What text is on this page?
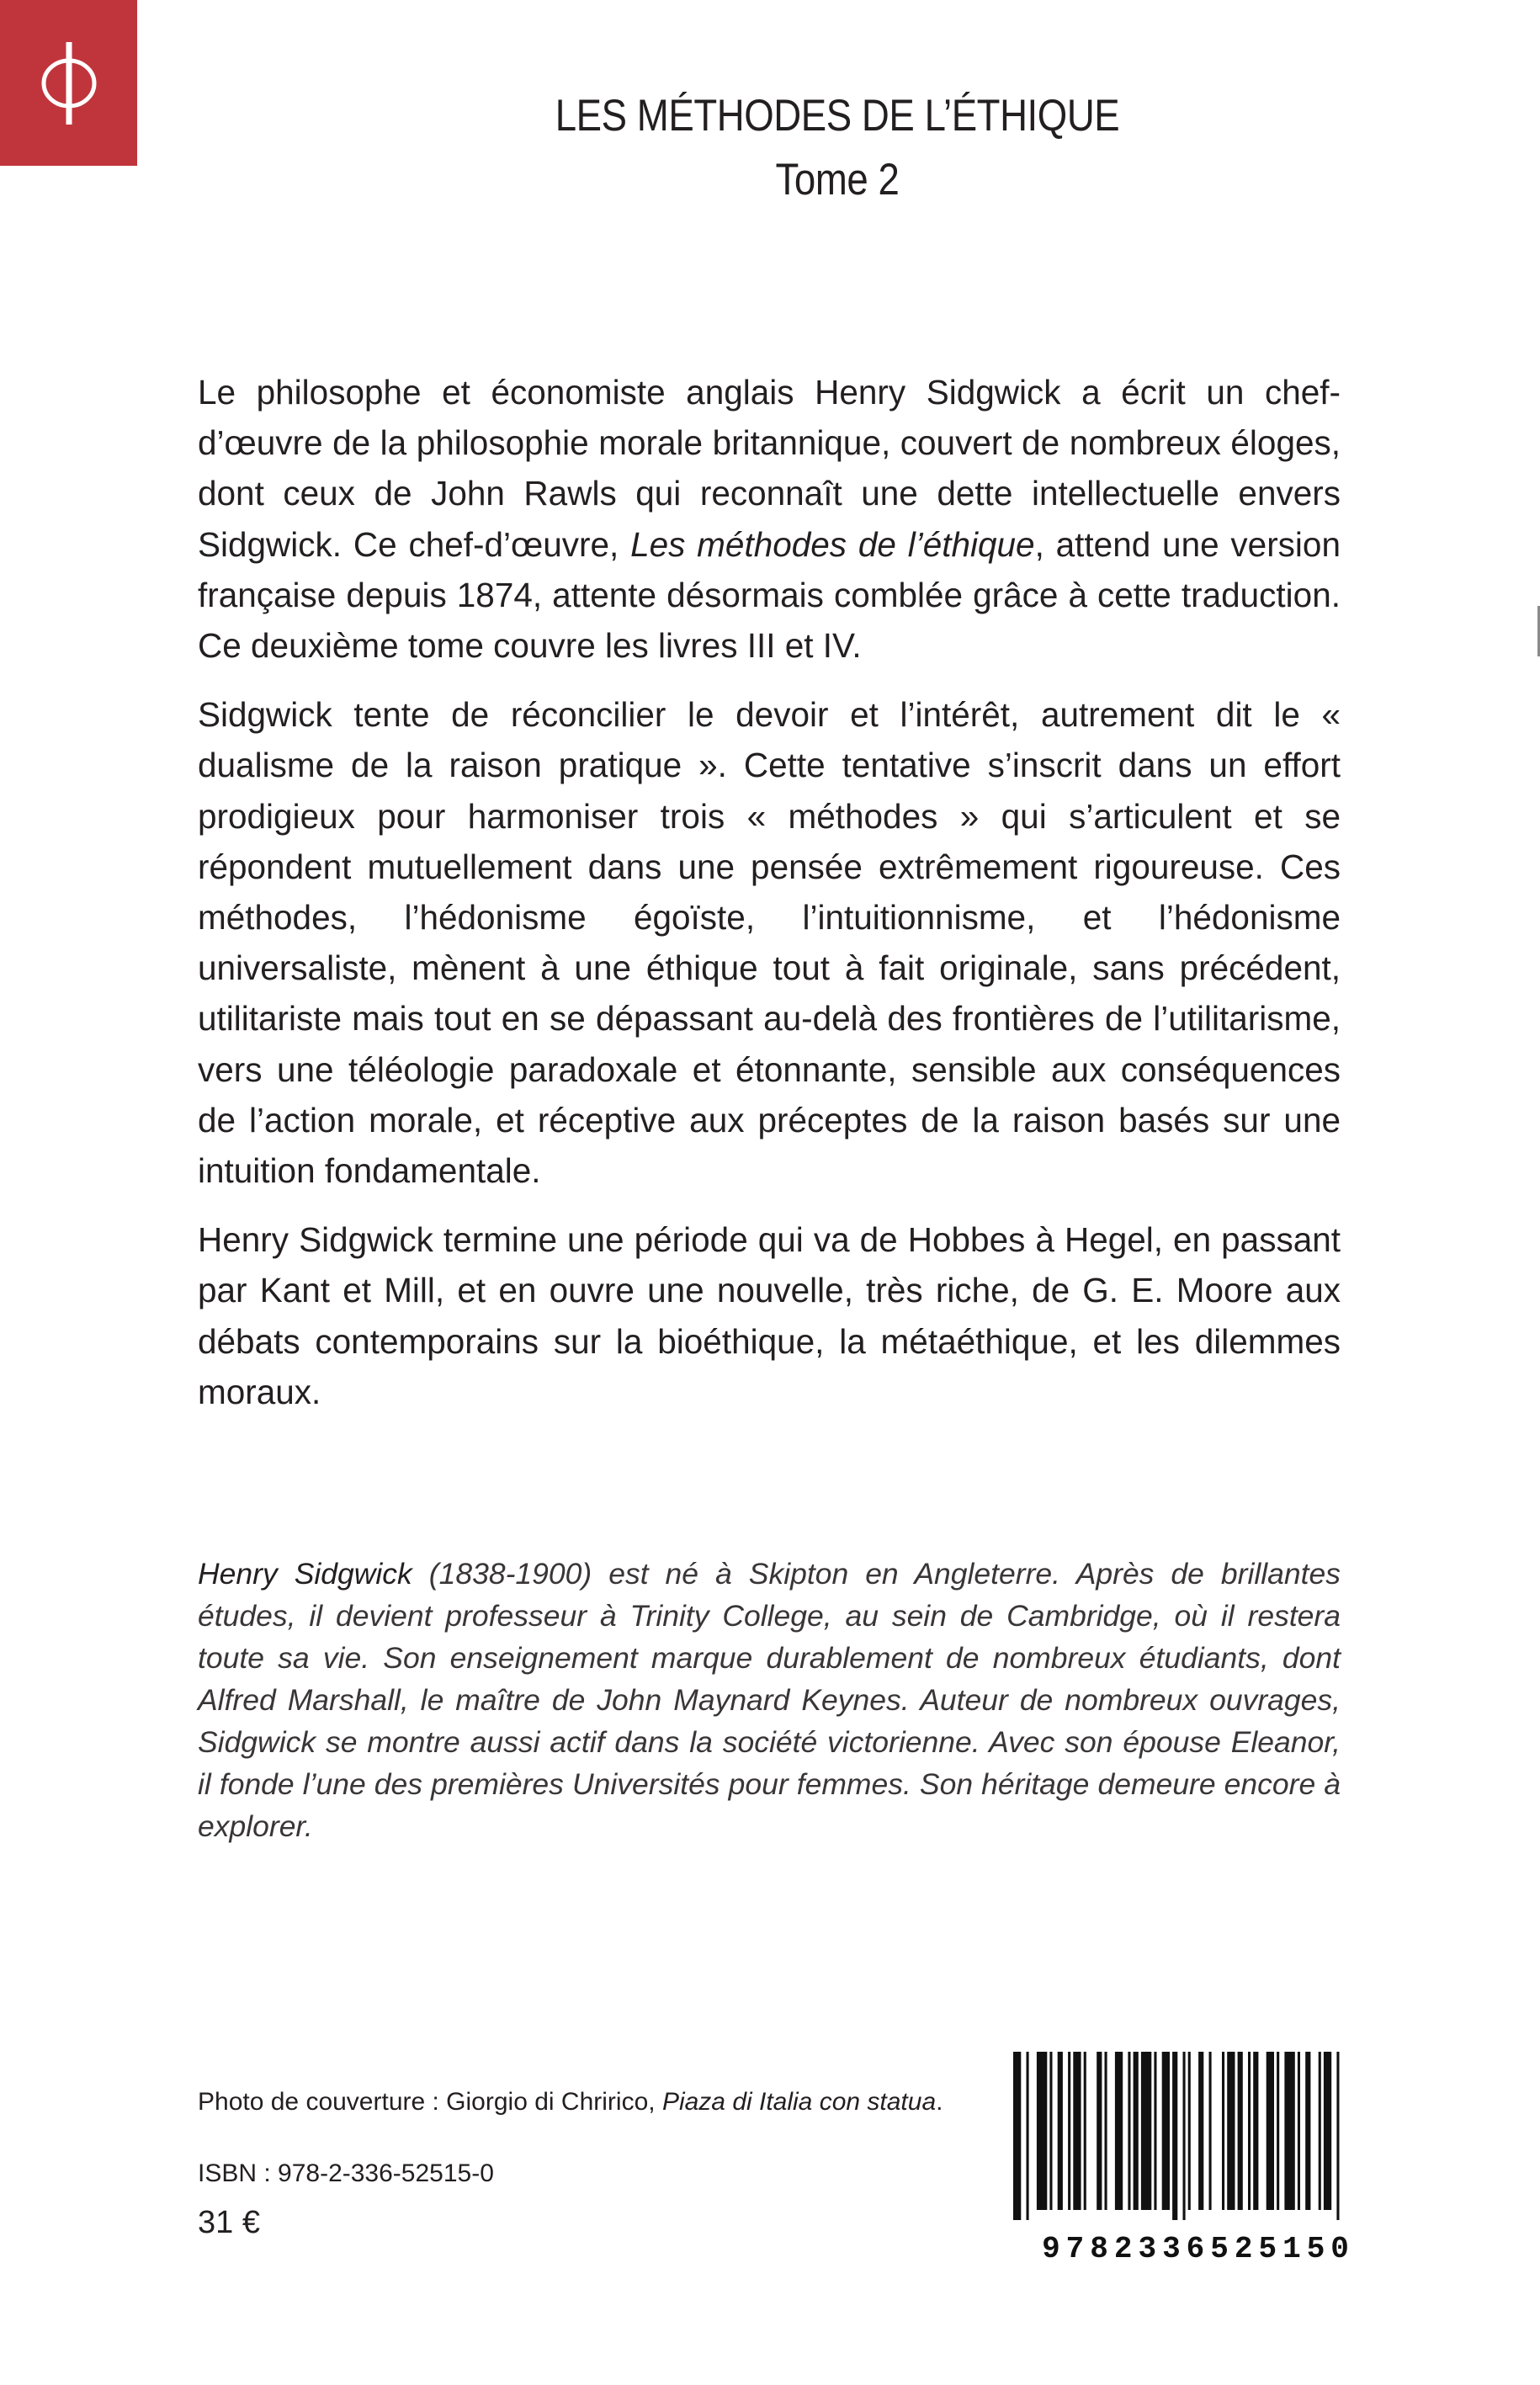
LES MÉTHODES DE L’ÉTHIQUE
Tome 2

Le philosophe et économiste anglais Henry Sidgwick a écrit un chef-d’œuvre de la philosophie morale britannique, couvert de nombreux éloges, dont ceux de John Rawls qui reconnaît une dette intellectuelle envers Sidgwick. Ce chef-d’œuvre, Les méthodes de l’éthique, attend une version française depuis 1874, attente désormais comblée grâce à cette traduction. Ce deuxième tome couvre les livres III et IV.

Sidgwick tente de réconcilier le devoir et l’intérêt, autrement dit le « dualisme de la raison pratique ». Cette tentative s’inscrit dans un effort prodigieux pour harmoniser trois « méthodes » qui s’articulent et se répondent mutuellement dans une pensée extrêmement rigoureuse. Ces méthodes, l’hédonisme égoïste, l’intuitionnisme, et l’hédonisme universaliste, mènent à une éthique tout à fait originale, sans précédent, utilitariste mais tout en se dépassant au-delà des frontières de l’utilitarisme, vers une téléologie paradoxale et étonnante, sensible aux conséquences de l’action morale, et réceptive aux préceptes de la raison basés sur une intuition fondamentale.

Henry Sidgwick termine une période qui va de Hobbes à Hegel, en passant par Kant et Mill, et en ouvre une nouvelle, très riche, de G. E. Moore aux débats contemporains sur la bioéthique, la métaéthique, et les dilemmes moraux.

Henry Sidgwick (1838-1900) est né à Skipton en Angleterre. Après de brillantes études, il devient professeur à Trinity College, au sein de Cambridge, où il restera toute sa vie. Son enseignement marque durablement de nombreux étudiants, dont Alfred Marshall, le maître de John Maynard Keynes. Auteur de nombreux ouvrages, Sidgwick se montre aussi actif dans la société victorienne. Avec son épouse Eleanor, il fonde l’une des premières Universités pour femmes. Son héritage demeure encore à explorer.
Photo de couverture : Giorgio di Chririco, Piaza di Italia con statua.
ISBN : 978-2-336-52515-0
31 €
9782336525150
